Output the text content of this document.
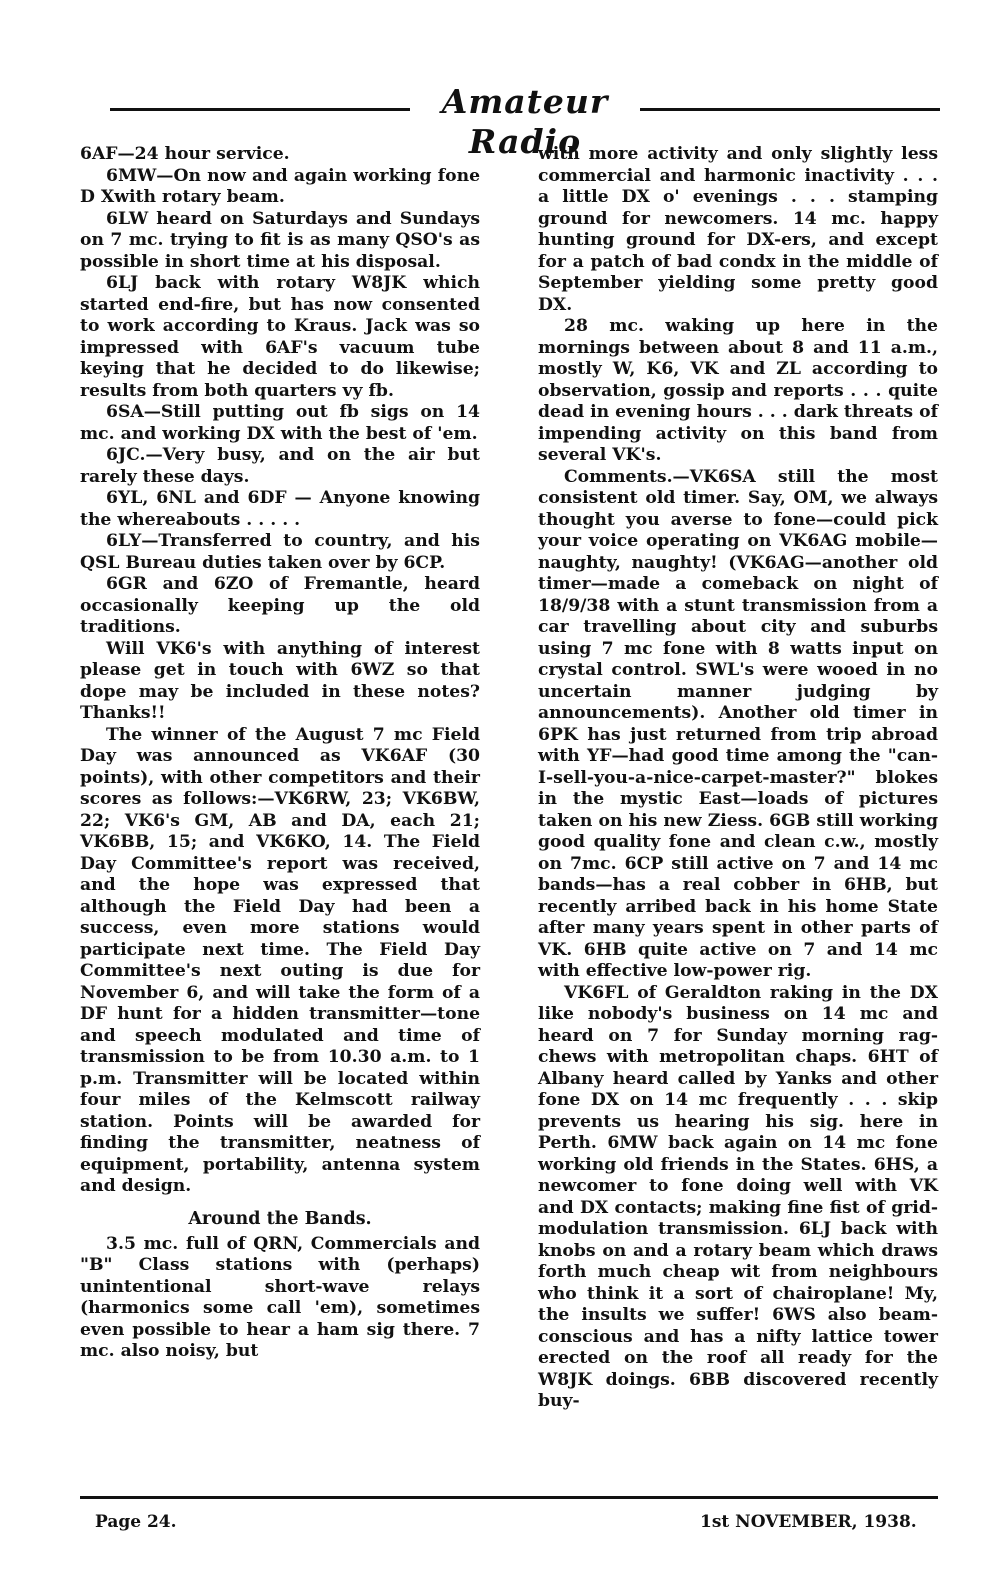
Amateur Radio

6AF—24 hour service.

6MW—On now and again working fone D Xwith rotary beam.

6LW heard on Saturdays and Sundays on 7 mc. trying to fit is as many QSO's as possible in short time at his disposal.

6LJ back with rotary W8JK which started end-fire, but has now consented to work according to Kraus. Jack was so impressed with 6AF's vacuum tube keying that he decided to do likewise; results from both quarters vy fb.

6SA—Still putting out fb sigs on 14 mc. and working DX with the best of 'em.

6JC.—Very busy, and on the air but rarely these days.

6YL, 6NL and 6DF — Anyone knowing the whereabouts . . . . .

6LY—Transferred to country, and his QSL Bureau duties taken over by 6CP.

6GR and 6ZO of Fremantle, heard occasionally keeping up the old traditions.

Will VK6's with anything of interest please get in touch with 6WZ so that dope may be included in these notes? Thanks!!

The winner of the August 7 mc Field Day was announced as VK6AF (30 points), with other competitors and their scores as follows:—VK6RW, 23; VK6BW, 22; VK6's GM, AB and DA, each 21; VK6BB, 15; and VK6KO, 14. The Field Day Committee's report was received, and the hope was expressed that although the Field Day had been a success, even more stations would participate next time. The Field Day Committee's next outing is due for November 6, and will take the form of a DF hunt for a hidden transmitter—tone and speech modulated and time of transmission to be from 10.30 a.m. to 1 p.m. Transmitter will be located within four miles of the Kelmscott railway station. Points will be awarded for finding the transmitter, neatness of equipment, portability, antenna system and design.

Around the Bands.

3.5 mc. full of QRN, Commercials and "B" Class stations with (perhaps) unintentional short-wave relays (harmonics some call 'em), sometimes even possible to hear a ham sig there. 7 mc. also noisy, but

with more activity and only slightly less commercial and harmonic inactivity . . . a little DX o' evenings . . . stamping ground for newcomers. 14 mc. happy hunting ground for DX-ers, and except for a patch of bad condx in the middle of September yielding some pretty good DX.

28 mc. waking up here in the mornings between about 8 and 11 a.m., mostly W, K6, VK and ZL according to observation, gossip and reports . . . quite dead in evening hours . . . dark threats of impending activity on this band from several VK's.

Comments.—VK6SA still the most consistent old timer. Say, OM, we always thought you averse to fone—could pick your voice operating on VK6AG mobile—naughty, naughty! (VK6AG—another old timer—made a comeback on night of 18/9/38 with a stunt transmission from a car travelling about city and suburbs using 7 mc fone with 8 watts input on crystal control. SWL's were wooed in no uncertain manner judging by announcements). Another old timer in 6PK has just returned from trip abroad with YF—had good time among the "can-I-sell-you-a-nice-carpet-master?" blokes in the mystic East—loads of pictures taken on his new Ziess. 6GB still working good quality fone and clean c.w., mostly on 7mc. 6CP still active on 7 and 14 mc bands—has a real cobber in 6HB, but recently arribed back in his home State after many years spent in other parts of VK. 6HB quite active on 7 and 14 mc with effective low-power rig.

VK6FL of Geraldton raking in the DX like nobody's business on 14 mc and heard on 7 for Sunday morning rag-chews with metropolitan chaps. 6HT of Albany heard called by Yanks and other fone DX on 14 mc frequently . . . skip prevents us hearing his sig. here in Perth. 6MW back again on 14 mc fone working old friends in the States. 6HS, a newcomer to fone doing well with VK and DX contacts; making fine fist of grid-modulation transmission. 6LJ back with knobs on and a rotary beam which draws forth much cheap wit from neighbours who think it a sort of chairoplane! My, the insults we suffer! 6WS also beam-conscious and has a nifty lattice tower erected on the roof all ready for the W8JK doings. 6BB discovered recently buy-

Page 24.	1st NOVEMBER, 1938.
